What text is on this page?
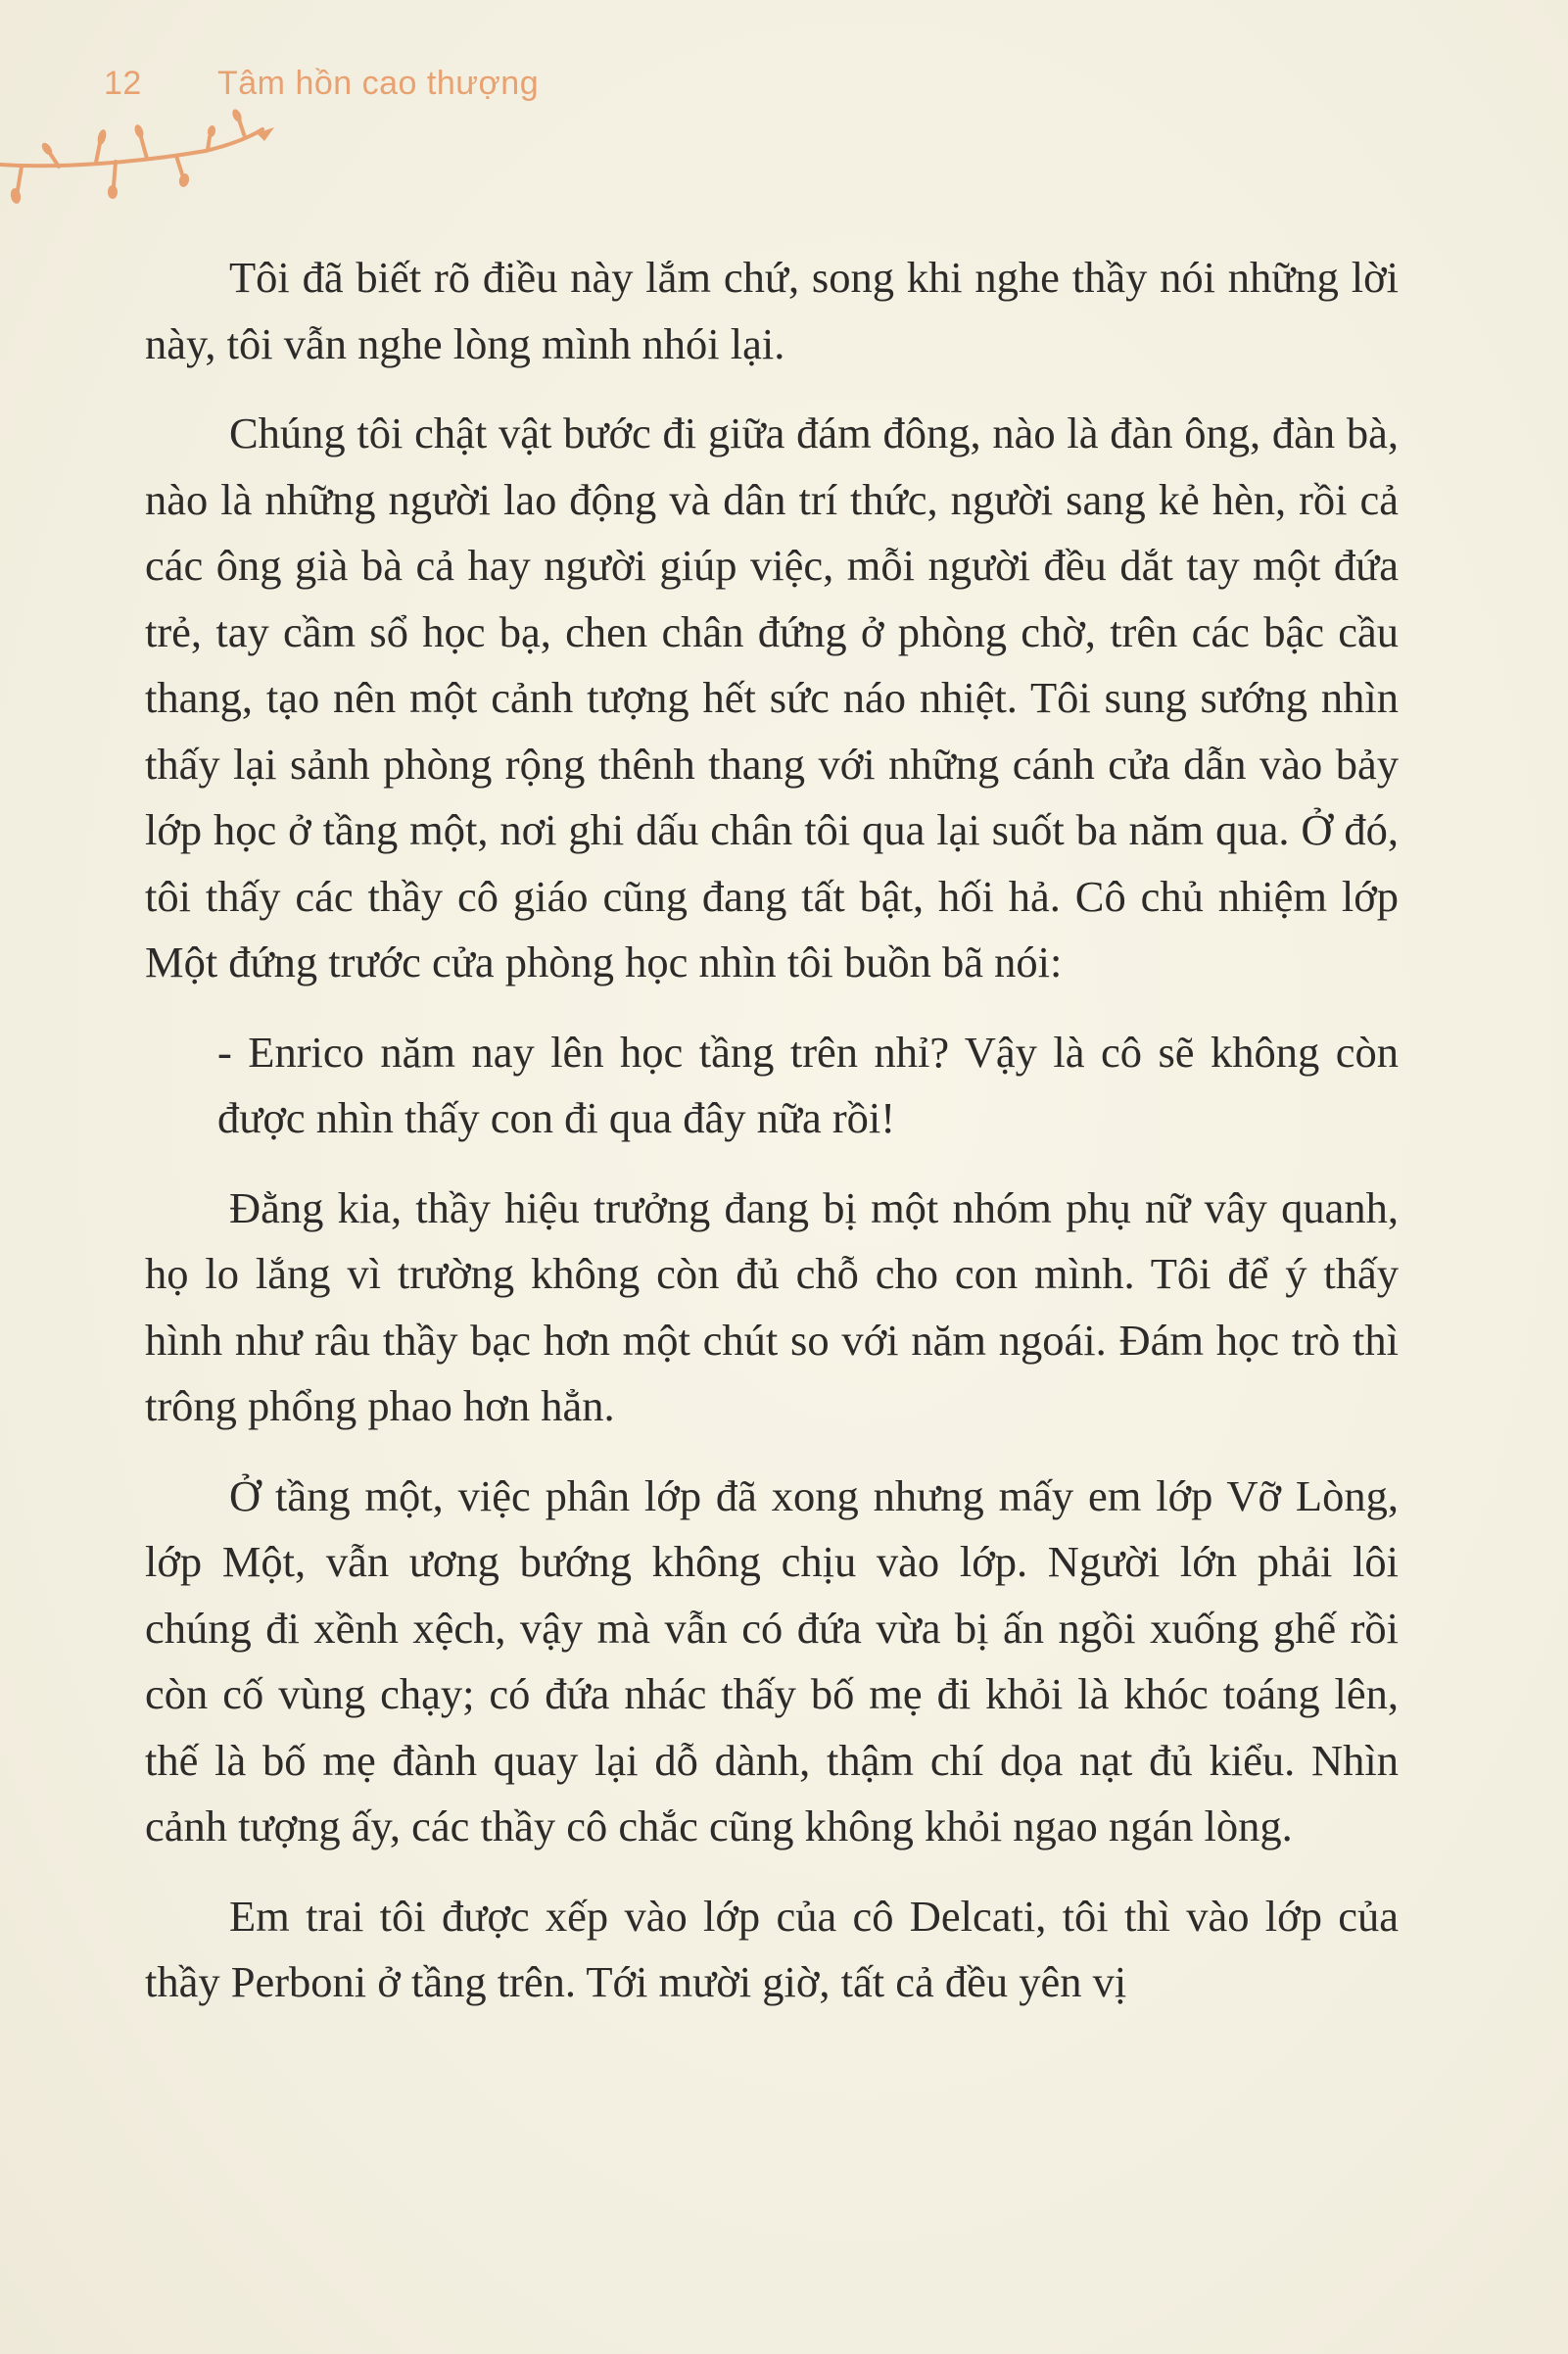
12	Tâm hồn cao thượng

Tôi đã biết rõ điều này lắm chứ, song khi nghe thầy nói những lời này, tôi vẫn nghe lòng mình nhói lại.

Chúng tôi chật vật bước đi giữa đám đông, nào là đàn ông, đàn bà, nào là những người lao động và dân trí thức, người sang kẻ hèn, rồi cả các ông già bà cả hay người giúp việc, mỗi người đều dắt tay một đứa trẻ, tay cầm sổ học bạ, chen chân đứng ở phòng chờ, trên các bậc cầu thang, tạo nên một cảnh tượng hết sức náo nhiệt. Tôi sung sướng nhìn thấy lại sảnh phòng rộng thênh thang với những cánh cửa dẫn vào bảy lớp học ở tầng một, nơi ghi dấu chân tôi qua lại suốt ba năm qua. Ở đó, tôi thấy các thầy cô giáo cũng đang tất bật, hối hả. Cô chủ nhiệm lớp Một đứng trước cửa phòng học nhìn tôi buồn bã nói:

- Enrico năm nay lên học tầng trên nhỉ? Vậy là cô sẽ không còn được nhìn thấy con đi qua đây nữa rồi!

Đằng kia, thầy hiệu trưởng đang bị một nhóm phụ nữ vây quanh, họ lo lắng vì trường không còn đủ chỗ cho con mình. Tôi để ý thấy hình như râu thầy bạc hơn một chút so với năm ngoái. Đám học trò thì trông phổng phao hơn hẳn.

Ở tầng một, việc phân lớp đã xong nhưng mấy em lớp Vỡ Lòng, lớp Một, vẫn ương bướng không chịu vào lớp. Người lớn phải lôi chúng đi xềnh xệch, vậy mà vẫn có đứa vừa bị ấn ngồi xuống ghế rồi còn cố vùng chạy; có đứa nhác thấy bố mẹ đi khỏi là khóc toáng lên, thế là bố mẹ đành quay lại dỗ dành, thậm chí dọa nạt đủ kiểu. Nhìn cảnh tượng ấy, các thầy cô chắc cũng không khỏi ngao ngán lòng.

Em trai tôi được xếp vào lớp của cô Delcati, tôi thì vào lớp của thầy Perboni ở tầng trên. Tới mười giờ, tất cả đều yên vị
